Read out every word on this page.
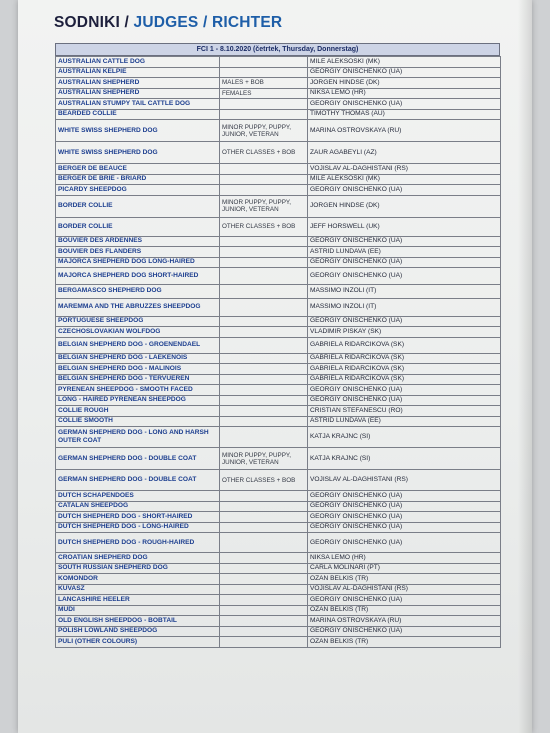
SODNIKI / JUDGES / RICHTER
FCI 1 - 8.10.2020 (četrtek, Thursday, Donnerstag)
AUSTRALIAN CATTLE DOG		MILE ALEKSOSKI (MK)
AUSTRALIAN KELPIE		GEORGIY ONISCHENKO (UA)
AUSTRALIAN SHEPHERD	MALES + BOB	JORGEN HINDSE (DK)
AUSTRALIAN SHEPHERD	FEMALES	NIKSA LEMO (HR)
AUSTRALIAN STUMPY TAIL CATTLE DOG		GEORGIY ONISCHENKO (UA)
BEARDED COLLIE		TIMOTHY THOMAS (AU)
WHITE SWISS SHEPHERD DOG	MINOR PUPPY, PUPPY, JUNIOR, VETERAN	MARINA OSTROVSKAYA (RU)
WHITE SWISS SHEPHERD DOG	OTHER CLASSES + BOB	ZAUR AGABEYLI (AZ)
BERGER DE BEAUCE		VOJISLAV AL-DAGHISTANI (RS)
BERGER DE BRIE - BRIARD		MILE ALEKSOSKI (MK)
PICARDY SHEEPDOG		GEORGIY ONISCHENKO (UA)
BORDER COLLIE	MINOR PUPPY, PUPPY, JUNIOR, VETERAN	JORGEN HINDSE (DK)
BORDER COLLIE	OTHER CLASSES + BOB	JEFF HORSWELL (UK)
BOUVIER DES ARDENNES		GEORGIY ONISCHENKO (UA)
BOUVIER DES FLANDERS		ASTRID LUNDAVA (EE)
MAJORCA SHEPHERD DOG LONG-HAIRED		GEORGIY ONISCHENKO (UA)
MAJORCA SHEPHERD DOG SHORT-HAIRED		GEORGIY ONISCHENKO (UA)
BERGAMASCO SHEPHERD DOG		MASSIMO INZOLI (IT)
MAREMMA AND THE ABRUZZES SHEEPDOG		MASSIMO INZOLI (IT)
PORTUGUESE SHEEPDOG		GEORGIY ONISCHENKO (UA)
CZECHOSLOVAKIAN WOLFDOG		VLADIMIR PISKAY (SK)
BELGIAN SHEPHERD DOG - GROENENDAEL		GABRIELA RIDARCIKOVA (SK)
BELGIAN SHEPHERD DOG - LAEKENOIS		GABRIELA RIDARCIKOVA (SK)
BELGIAN SHEPHERD DOG - MALINOIS		GABRIELA RIDARCIKOVA (SK)
BELGIAN SHEPHERD DOG - TERVUEREN		GABRIELA RIDARCIKOVA (SK)
PYRENEAN SHEEPDOG - SMOOTH FACED		GEORGIY ONISCHENKO (UA)
LONG - HAIRED PYRENEAN SHEEPDOG		GEORGIY ONISCHENKO (UA)
COLLIE ROUGH		CRISTIAN STEFANESCU (RO)
COLLIE SMOOTH		ASTRID LUNDAVA (EE)
GERMAN SHEPHERD DOG - LONG AND HARSH OUTER COAT		KATJA KRAJNC (SI)
GERMAN SHEPHERD DOG - DOUBLE COAT	MINOR PUPPY, PUPPY, JUNIOR, VETERAN	KATJA KRAJNC (SI)
GERMAN SHEPHERD DOG - DOUBLE COAT	OTHER CLASSES + BOB	VOJISLAV AL-DAGHISTANI (RS)
DUTCH SCHAPENDOES		GEORGIY ONISCHENKO (UA)
CATALAN SHEEPDOG		GEORGIY ONISCHENKO (UA)
DUTCH SHEPHERD DOG - SHORT-HAIRED		GEORGIY ONISCHENKO (UA)
DUTCH SHEPHERD DOG - LONG-HAIRED		GEORGIY ONISCHENKO (UA)
DUTCH SHEPHERD DOG - ROUGH-HAIRED		GEORGIY ONISCHENKO (UA)
CROATIAN SHEPHERD DOG		NIKSA LEMO (HR)
SOUTH RUSSIAN SHEPHERD DOG		CARLA MOLINARI (PT)
KOMONDOR		OZAN BELKIS (TR)
KUVASZ		VOJISLAV AL-DAGHISTANI (RS)
LANCASHIRE HEELER		GEORGIY ONISCHENKO (UA)
MUDI		OZAN BELKIS (TR)
OLD ENGLISH SHEEPDOG - BOBTAIL		MARINA OSTROVSKAYA (RU)
POLISH LOWLAND SHEEPDOG		GEORGIY ONISCHENKO (UA)
PULI (OTHER COLOURS)		OZAN BELKIS (TR)
